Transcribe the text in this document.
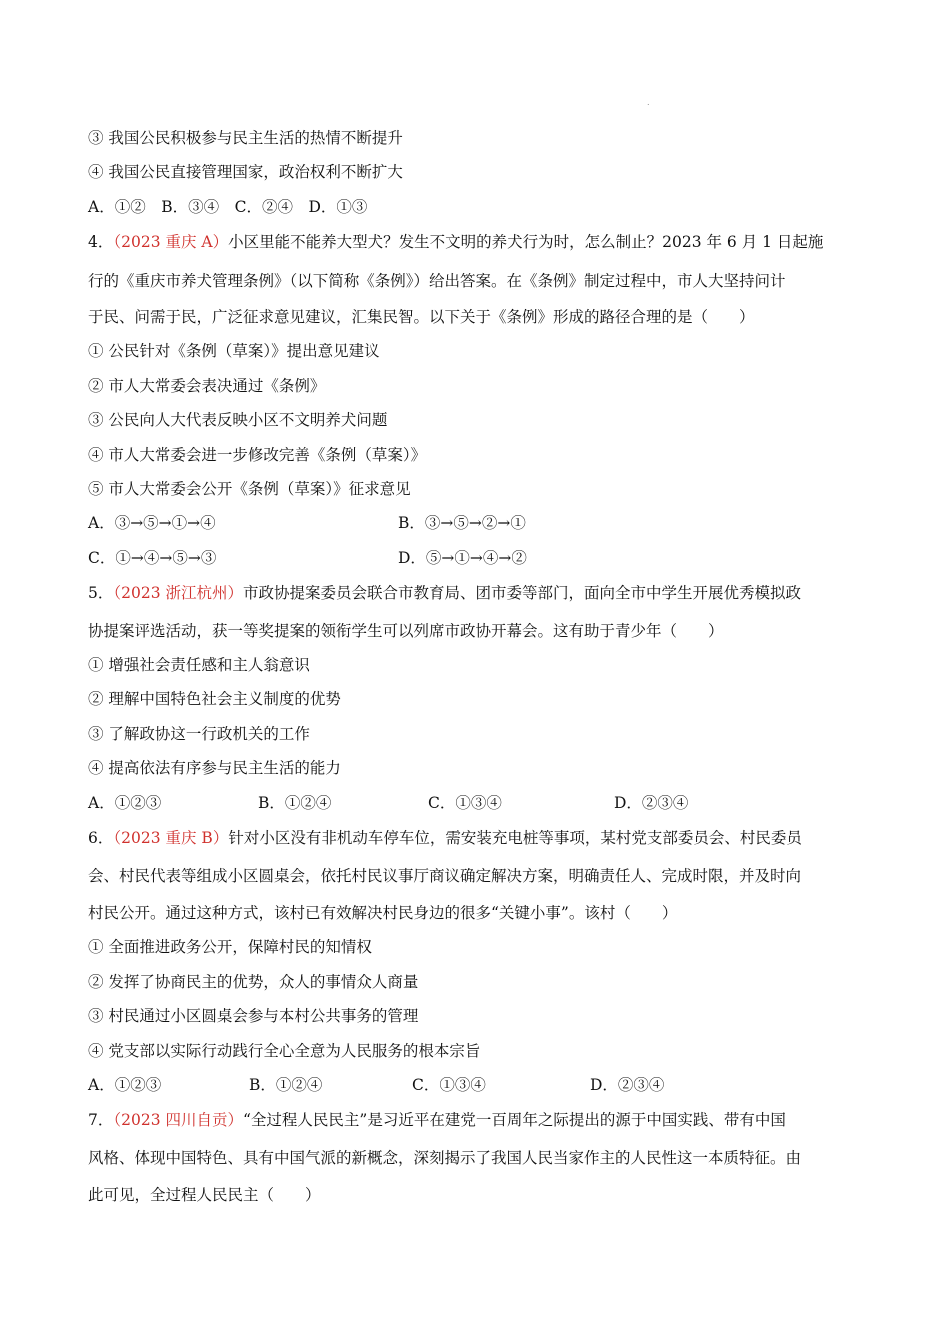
.
③ 我国公民积极参与民主生活的热情不断提升
④ 我国公民直接管理国家，政治权利不断扩大
A．①②　B．③④　C．②④　D．①③
4．（2023 重庆 A）小区里能不能养大型犬？发生不文明的养犬行为时，怎么制止？2023 年 6 月 1 日起施
行的《重庆市养犬管理条例》（以下简称《条例》）给出答案。在《条例》制定过程中，市人大坚持问计
于民、问需于民，广泛征求意见建议，汇集民智。以下关于《条例》形成的路径合理的是（　　）
① 公民针对《条例（草案）》提出意见建议
② 市人大常委会表决通过《条例》
③ 公民向人大代表反映小区不文明养犬问题
④ 市人大常委会进一步修改完善《条例（草案）》
⑤ 市人大常委会公开《条例（草案）》征求意见
A．③→⑤→①→④	B．③→⑤→②→①
C．①→④→⑤→③	D．⑤→①→④→②
5．（2023 浙江杭州）市政协提案委员会联合市教育局、团市委等部门，面向全市中学生开展优秀模拟政
协提案评选活动，获一等奖提案的领衔学生可以列席市政协开幕会。这有助于青少年（　　）
① 增强社会责任感和主人翁意识
② 理解中国特色社会主义制度的优势
③ 了解政协这一行政机关的工作
④ 提高依法有序参与民主生活的能力
A．①②③	B．①②④	C．①③④	D．②③④
6．（2023 重庆 B）针对小区没有非机动车停车位，需安装充电桩等事项，某村党支部委员会、村民委员
会、村民代表等组成小区圆桌会，依托村民议事厅商议确定解决方案，明确责任人、完成时限，并及时向
村民公开。通过这种方式，该村已有效解决村民身边的很多“关键小事”。该村（　　）
① 全面推进政务公开，保障村民的知情权
② 发挥了协商民主的优势，众人的事情众人商量
③ 村民通过小区圆桌会参与本村公共事务的管理
④ 党支部以实际行动践行全心全意为人民服务的根本宗旨
A．①②③	B．①②④	C．①③④	D．②③④
7．（2023 四川自贡）“全过程人民民主”是习近平在建党一百周年之际提出的源于中国实践、带有中国
风格、体现中国特色、具有中国气派的新概念，深刻揭示了我国人民当家作主的人民性这一本质特征。由
此可见，全过程人民民主（　　）
